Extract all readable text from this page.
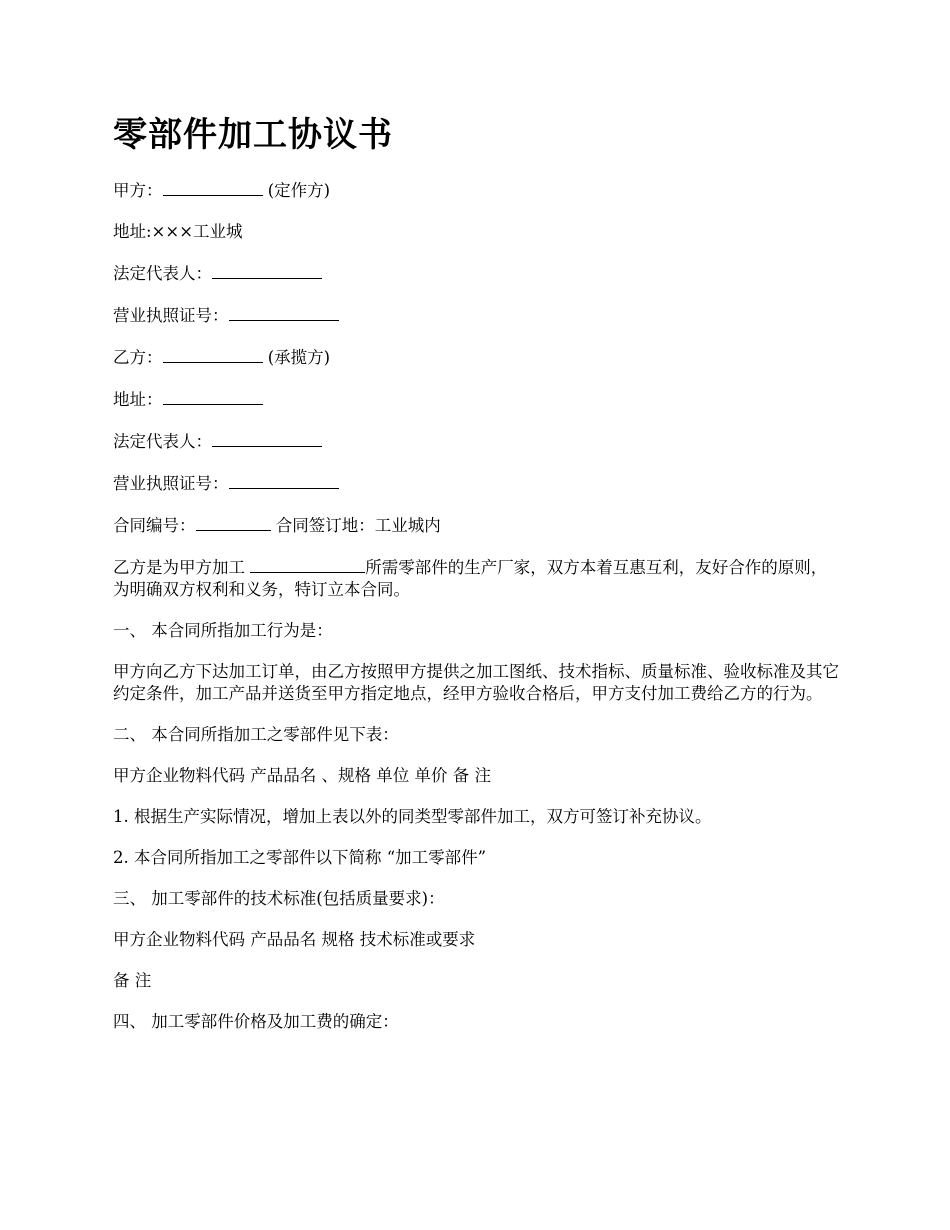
零部件加工协议书
甲方：	(定作方)
地址:×××工业城
法定代表人：
营业执照证号：
乙方：	(承揽方)
地址：
法定代表人：
营业执照证号：
合同编号：	合同签订地：工业城内
乙方是为甲方加工	所需零部件的生产厂家，双方本着互惠互利，友好合作的原则，为明确双方权利和义务，特订立本合同。
一、 本合同所指加工行为是：
甲方向乙方下达加工订单，由乙方按照甲方提供之加工图纸、技术指标、质量标准、验收标准及其它约定条件，加工产品并送货至甲方指定地点，经甲方验收合格后，甲方支付加工费给乙方的行为。
二、 本合同所指加工之零部件见下表：
甲方企业物料代码 产品品名 、规格 单位 单价 备 注
1. 根据生产实际情况，增加上表以外的同类型零部件加工，双方可签订补充协议。
2. 本合同所指加工之零部件以下简称 “加工零部件”
三、 加工零部件的技术标准(包括质量要求)：
甲方企业物料代码 产品品名 规格 技术标准或要求
备 注
四、 加工零部件价格及加工费的确定：
